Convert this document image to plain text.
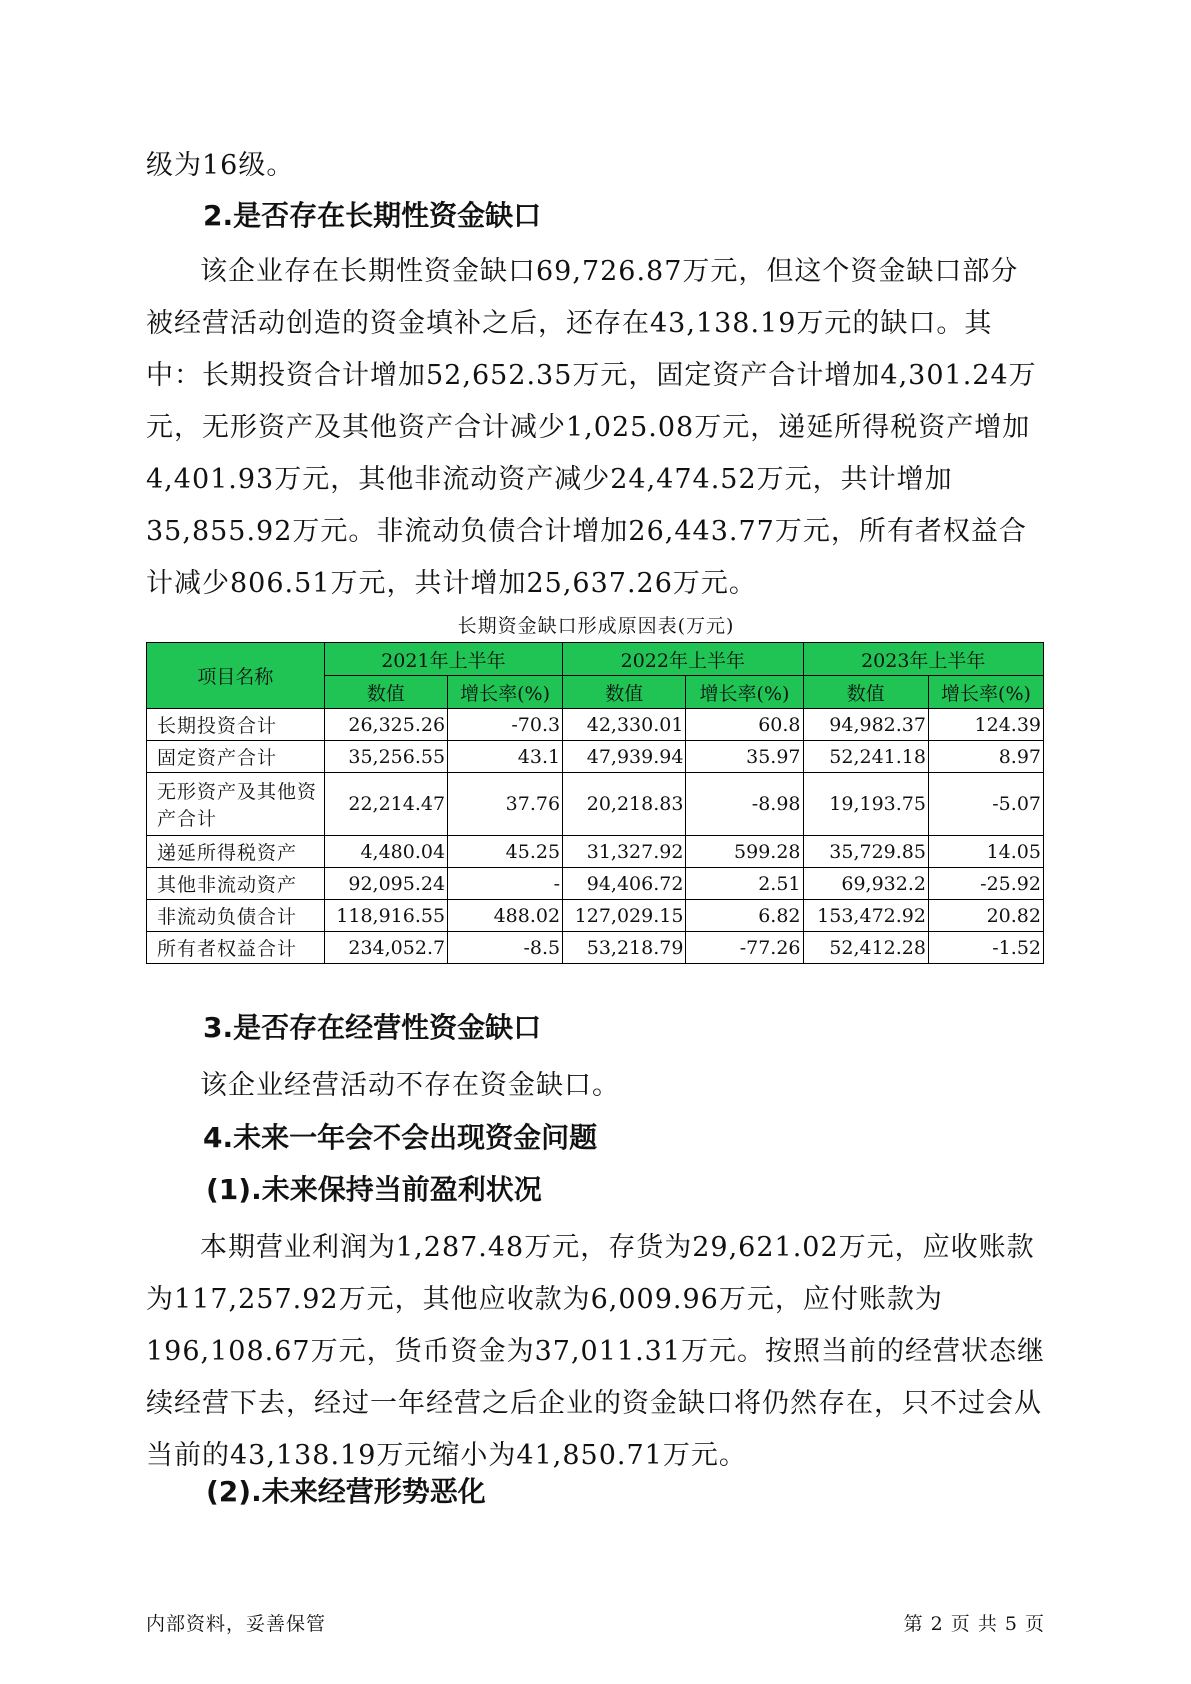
级为16级。

2.是否存在长期性资金缺口

该企业存在长期性资金缺口69,726.87万元，但这个资金缺口部分被经营活动创造的资金填补之后，还存在43,138.19万元的缺口。其中：长期投资合计增加52,652.35万元，固定资产合计增加4,301.24万元，无形资产及其他资产合计减少1,025.08万元，递延所得税资产增加4,401.93万元，其他非流动资产减少24,474.52万元，共计增加35,855.92万元。非流动负债合计增加26,443.77万元，所有者权益合计减少806.51万元，共计增加25,637.26万元。

长期资金缺口形成原因表(万元)
项目名称	2021年上半年		2022年上半年		2023年上半年	
	数值	增长率(%)	数值	增长率(%)	数值	增长率(%)
长期投资合计	26,325.26	-70.3	42,330.01	60.8	94,982.37	124.39
固定资产合计	35,256.55	43.1	47,939.94	35.97	52,241.18	8.97
无形资产及其他资产合计	22,214.47	37.76	20,218.83	-8.98	19,193.75	-5.07
递延所得税资产	4,480.04	45.25	31,327.92	599.28	35,729.85	14.05
其他非流动资产	92,095.24	-	94,406.72	2.51	69,932.2	-25.92
非流动负债合计	118,916.55	488.02	127,029.15	6.82	153,472.92	20.82
所有者权益合计	234,052.7	-8.5	53,218.79	-77.26	52,412.28	-1.52
3.是否存在经营性资金缺口

该企业经营活动不存在资金缺口。

4.未来一年会不会出现资金问题
(1).未来保持当前盈利状况

本期营业利润为1,287.48万元，存货为29,621.02万元，应收账款为117,257.92万元，其他应收款为6,009.96万元，应付账款为196,108.67万元，货币资金为37,011.31万元。按照当前的经营状态继续经营下去，经过一年经营之后企业的资金缺口将仍然存在，只不过会从当前的43,138.19万元缩小为41,850.71万元。

(2).未来经营形势恶化
内部资料，妥善保管	第 2 页 共 5 页
